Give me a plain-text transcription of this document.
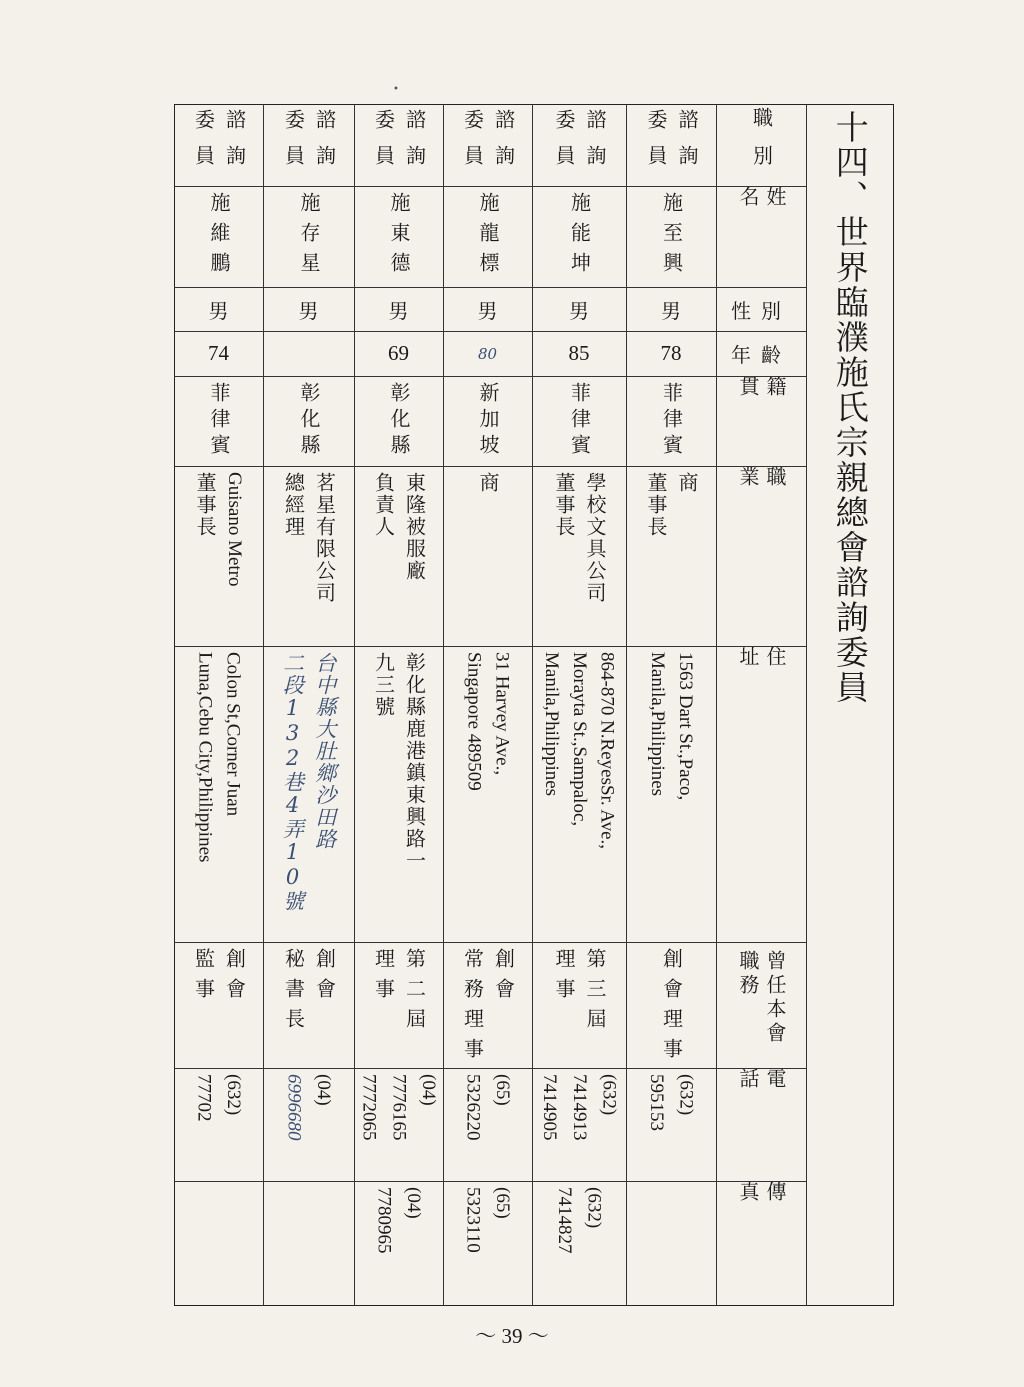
十四、世界臨濮施氏宗親總會諮詢委員
職別
姓名
性別
年齡
籍貫
職業
住址
曾任本會職務
電話
傳真
諮詢
委員
施至興
男
78
菲律賓
商
董事長
1563 Dart St.,Paco,
Manila,Philippines
創會理事
(632)
595153
諮詢
委員
施能坤
男
85
菲律賓
學校文具公司
董事長
864-870 N.ReyesSr. Ave.,
Morayta St.,Sampaloc,
Manila,Philippines
第三屆
理事
(632)
7414913
7414905
(632)
7414827
諮詢
委員
施龍標
男
80
新加坡
商
31 Harvey Ave.,
Singapore 489509
創會
常務理事
(65)
5326220
(65)
5323110
諮詢
委員
施東德
男
69
彰化縣
東隆被服廠
負責人
彰化縣鹿港鎮東興路一
九三號
第二屆
理事
(04)
7776165
7772065
(04)
7780965
諮詢
委員
施存星
男
彰化縣
茗星有限公司
總經理
台中縣大肚鄉沙田路
二段132巷4弄10號
創會
秘書長
(04)
6996680
諮詢
委員
施維鵬
男
74
菲律賓
Guisano Metro
董事長
Colon St,Corner Juan
Luna,Cebu City,Philippines
創會
監事
(632)
77702
～ 39 ～
•
